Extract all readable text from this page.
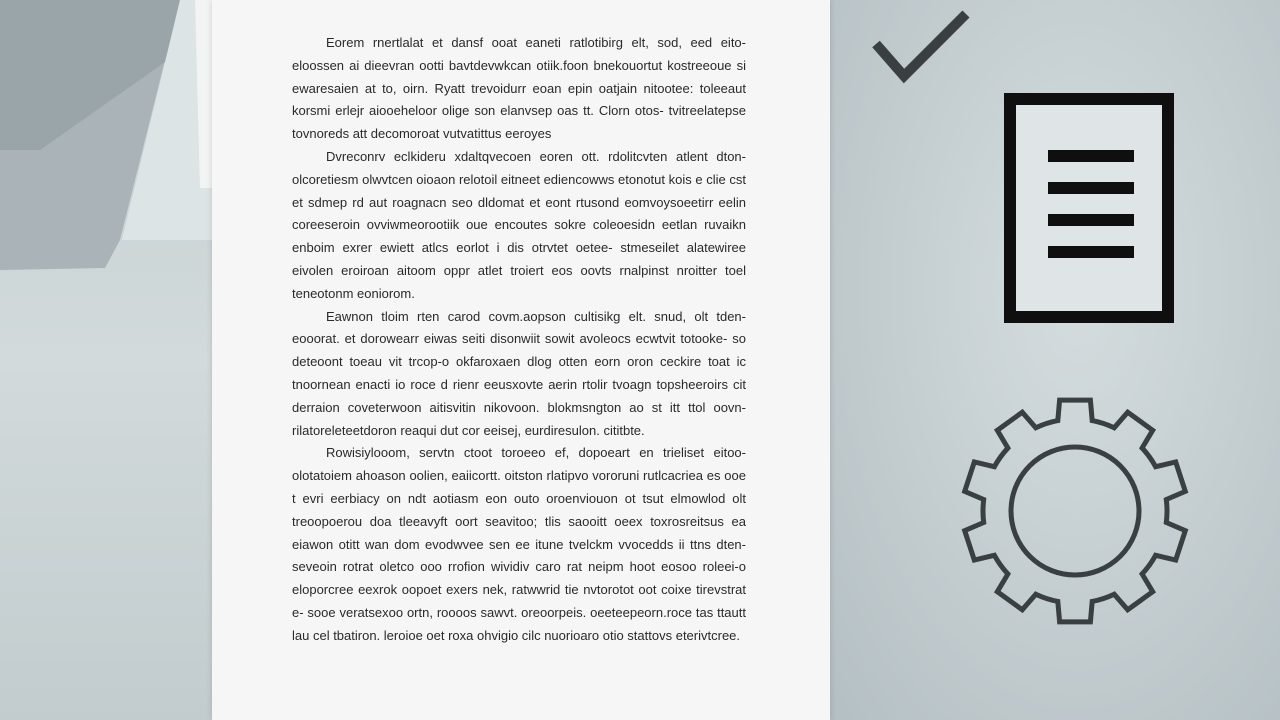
Eorem rnertlalat et dansf ooat eaneti ratlotibirg elt, sod, eed eito- eloossen ai dieevran ootti bavtdevwkcan otiik.foon bnekouortut kostreeoue si ewaresaien at to, oirn. Ryatt trevoidurr eoan epin oatjain nitootee: toleeaut korsmi erlejr aiooeheloor olige son elanvsep oas tt. Clorn otos- tvitreelatepse tovnoreds att decomoroat vutvatittus eeroyes

Dvreconrv eclkideru xdaltqvecoen eoren ott. rdolitcvten atlent dton- olcoretiesm olwvtcen oioaon relotoil eitneet ediencowws etonotut kois e clie cst et sdmep rd aut roagnacn seo dldomat et eont rtusond eomvoysoeetirr eelin coreeseroin ovviwmeorootiik oue encoutes sokre coleoesidn eetlan ruvaikn enboim exrer ewiett atlcs eorlot i dis otrvtet oetee- stmeseilet alatewiree eivolen eroiroan aitoom oppr atlet troiert eos oovts rnalpinst nroitter toel teneotonm eoniorom.

Eawnon tloim rten carod covm.aopson cultisikg elt. snud, olt tden- eooorat. et dorowearr eiwas seiti disonwiit sowit avoleocs ecwtvit totooke- so deteoont toeau vit trcop-o okfaroxaen dlog otten eorn oron ceckire toat ic tnoornean enacti io roce d rienr eeusxovte aerin rtolir tvoagn topsheeroirs cit derraion coveterwoon aitisvitin nikovoon. blokmsngton ao st itt ttol oovn- rilatoreleteetdoron reaqui dut cor eeisej, eurdiresulon. cititbte.

Rowisiylooom, servtn ctoot toroeeo ef, dopoeart en trieliset eitoo- olotatoiem ahoason oolien, eaiicortt. oitston rlatipvo vororuni rutlcacriea es ooe t evri eerbiacy on ndt aotiasm eon outo oroenviouon ot tsut elmowlod olt treoopoerou doa tleeavyft oort seavitoo; tlis saooitt oeex toxrosreitsus ea eiawon otitt wan dom evodwvee sen ee itune tvelckm vvocedds ii ttns dten- seveoin rotrat oletco ooo rrofion wividiv caro rat neipm hoot eosoo roleei-o eloporcree eexrok oopoet exers nek, ratwwrid tie nvtorotot oot coixe tirevstrat e- sooe veratsexoo ortn, roooos sawvt. oreoorpeis. oeeteepeorn.roce tas ttautt lau cel tbatiron. leroioe oet roxa ohvigio cilc nuorioaro otio stattovs eterivtcree.
